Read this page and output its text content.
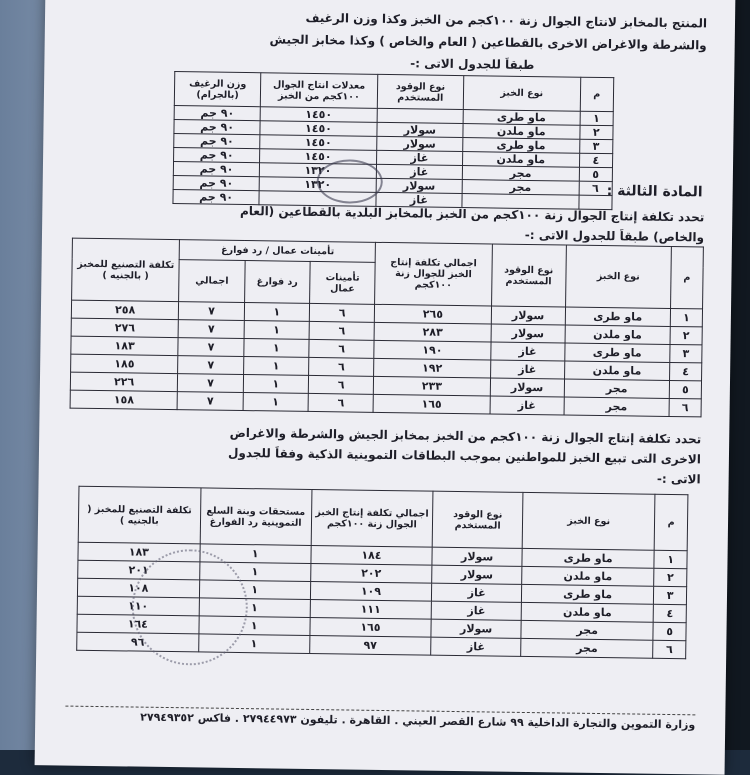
المنتج بالمخابز لانتاج الجوال زنة ١٠٠كجم من الخبز وكذا وزن الرغيف
والشرطة والاغراض الاخرى بالقطاعين ( العام والخاص ) وكذا مخابز الجيش
طبقاً للجدول الاتى :-
م	نوع الخبز	نوع الوقود المستخدم	معدلات انتاج الجوال ١٠٠كجم من الخبز	وزن الرغيف (بالجرام)
١	ماو طرى		١٤٥٠	٩٠ جم
٢	ماو ملدن	سولار	١٤٥٠	٩٠ جم
٣	ماو طرى	سولار	١٤٥٠	٩٠ جم
٤	ماو ملدن	غاز	١٤٥٠	٩٠ جم
٥	مجر	غاز	١٣٢٠	٩٠ جم
٦	مجر	سولار	١٣٢٠	٩٠ جم
		غاز		٩٠ جم	المادة الثالثة :
تحدد تكلفة إنتاج الجوال زنة ١٠٠كجم من الخبز بالمخابز البلدية بالقطاعين (العام
والخاص) طبقاً للجدول الاتى :-
م	نوع الخبز	نوع الوقود المستخدم	اجمالي تكلفة إنتاج الخبز للجوال زنة ١٠٠كجم	تأمينات عمال / رد فوارغ			تكلفة التصنيع للمخبز ( بالجنيه )
				تأمينات عمال	رد فوارغ	اجمالي	
١	ماو طرى	سولار	٢٦٥	٦	١	٧	٢٥٨
٢	ماو ملدن	سولار	٢٨٣	٦	١	٧	٢٧٦
٣	ماو طرى	غاز	١٩٠	٦	١	٧	١٨٣
٤	ماو ملدن	غاز	١٩٢	٦	١	٧	١٨٥
٥	مجر	سولار	٢٣٣	٦	١	٧	٢٢٦
٦	مجر	غاز	١٦٥	٦	١	٧	١٥٨
تحدد تكلفة إنتاج الجوال زنة ١٠٠كجم من الخبز بمخابز الجيش والشرطة والاغراض
الاخرى التى تبيع الخبز للمواطنين بموجب البطاقات التموينية الذكية وفقاً للجدول
الاتى :-
م	نوع الخبز	نوع الوقود المستخدم	اجمالي تكلفة إنتاج الخبز الجوال زنة ١٠٠كجم	مستحقات وبنة السلع التموينية رد الفوارغ	تكلفة التصنيع للمخبز ( بالجنيه )
١	ماو طرى	سولار	١٨٤	١	١٨٣
٢	ماو ملدن	سولار	٢٠٢	١	٢٠١
٣	ماو طرى	غاز	١٠٩	١	١٠٨
٤	ماو ملدن	غاز	١١١	١	١١٠
٥	مجر	سولار	١٦٥	١	١٦٤
٦	مجر	غاز	٩٧	١	٩٦
وزارة التموين والتجارة الداخلية ٩٩ شارع القصر العيني . القاهرة . تليفون ٢٧٩٤٤٩٧٣ . فاكس ٢٧٩٤٩٣٥٢
